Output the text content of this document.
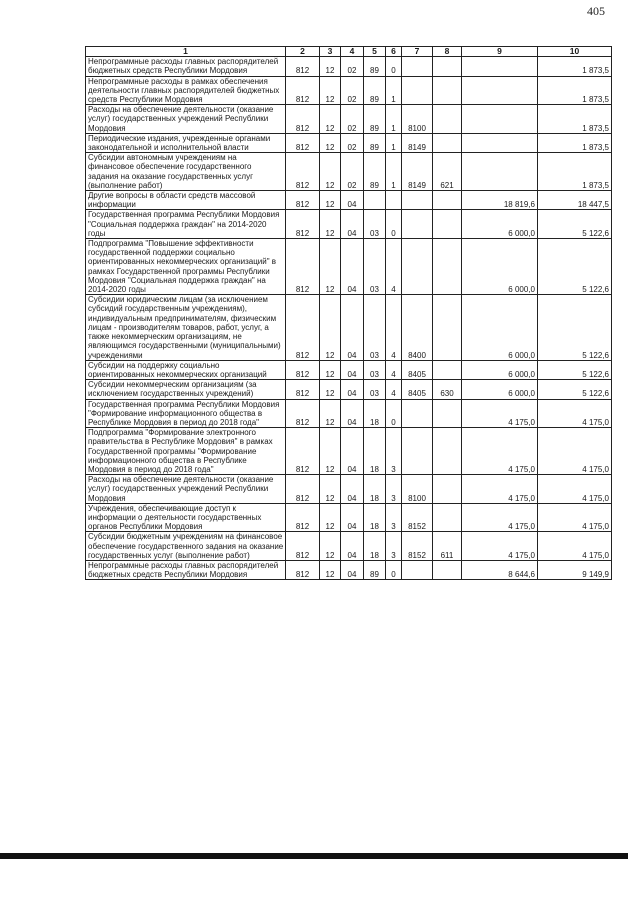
405
1	2	3	4	5	6	7	8	9	10
Непрограммные расходы главных распорядителей бюджетных средств Республики Мордовия	812	12	02	89	0				1 873,5
Непрограммные расходы в рамках обеспечения деятельности главных распорядителей бюджетных средств Республики Мордовия	812	12	02	89	1				1 873,5
Расходы на обеспечение деятельности (оказание услуг) государственных учреждений Республики Мордовия	812	12	02	89	1	8100			1 873,5
Периодические издания, учрежденные органами законодательной и исполнительной власти	812	12	02	89	1	8149			1 873,5
Субсидии автономным учреждениям на финансовое обеспечение государственного задания на оказание государственных услуг (выполнение работ)	812	12	02	89	1	8149	621		1 873,5
Другие вопросы в области средств массовой информации	812	12	04					18 819,6	18 447,5
Государственная программа Республики Мордовия "Социальная поддержка граждан" на 2014-2020 годы	812	12	04	03	0			6 000,0	5 122,6
Подпрограмма "Повышение эффективности государственной поддержки социально ориентированных некоммерческих организаций" в рамках Государственной программы Республики Мордовия "Социальная поддержка граждан" на 2014-2020 годы	812	12	04	03	4			6 000,0	5 122,6
Субсидии юридическим лицам (за исключением субсидий государственным учреждениям), индивидуальным предпринимателям, физическим лицам - производителям товаров, работ, услуг, а также некоммерческим организациям, не являющимся государственными (муниципальными) учреждениями	812	12	04	03	4	8400		6 000,0	5 122,6
Субсидии на поддержку социально ориентированных некоммерческих организаций	812	12	04	03	4	8405		6 000,0	5 122,6
Субсидии некоммерческим организациям (за исключением государственных учреждений)	812	12	04	03	4	8405	630	6 000,0	5 122,6
Государственная программа Республики Мордовия "Формирование информационного общества в Республике Мордовия в период до 2018 года"	812	12	04	18	0			4 175,0	4 175,0
Подпрограмма "Формирование электронного правительства в Республике Мордовия" в рамках Государственной программы "Формирование информационного общества в Республике Мордовия в период до 2018 года"	812	12	04	18	3			4 175,0	4 175,0
Расходы на обеспечение деятельности (оказание услуг) государственных учреждений Республики Мордовия	812	12	04	18	3	8100		4 175,0	4 175,0
Учреждения, обеспечивающие доступ к информации о деятельности государственных органов Республики Мордовия	812	12	04	18	3	8152		4 175,0	4 175,0
Субсидии бюджетным учреждениям на финансовое обеспечение государственного задания на оказание государственных услуг (выполнение работ)	812	12	04	18	3	8152	611	4 175,0	4 175,0
Непрограммные расходы главных распорядителей бюджетных средств Республики Мордовия	812	12	04	89	0			8 644,6	9 149,9
